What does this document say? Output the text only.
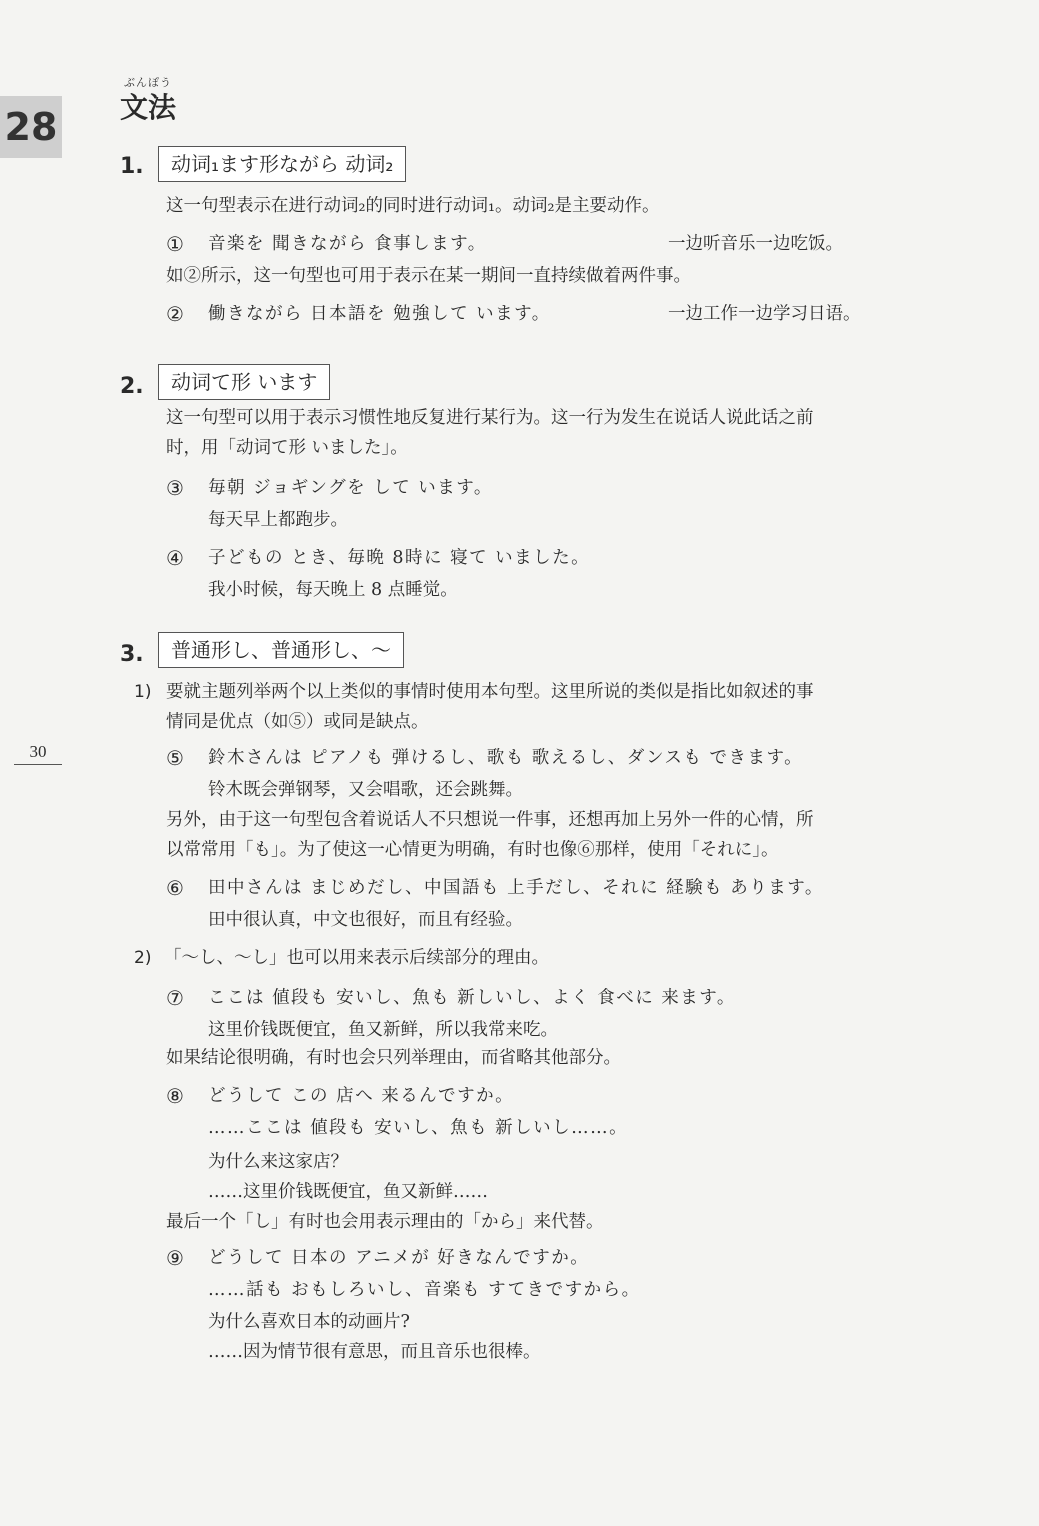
28
ぶんぽう
文法
30
1.	动词₁ます形ながら 动词₂
这一句型表示在进行动词₂的同时进行动词₁。动词₂是主要动作。
① 音楽を 聞きながら 食事します。	一边听音乐一边吃饭。
如②所示，这一句型也可用于表示在某一期间一直持续做着两件事。
② 働きながら 日本語を 勉強して います。	一边工作一边学习日语。
2.	动词て形 います
这一句型可以用于表示习惯性地反复进行某行为。这一行为发生在说话人说此话之前
时，用「动词て形 いました」。
③ 毎朝 ジョギングを して います。
每天早上都跑步。
④ 子どもの とき、毎晩 8時に 寝て いました。
我小时候，每天晚上 8 点睡觉。
3.	普通形し、普通形し、～
1) 要就主题列举两个以上类似的事情时使用本句型。这里所说的类似是指比如叙述的事
情同是优点（如⑤）或同是缺点。
⑤ 鈴木さんは ピアノも 弾けるし、歌も 歌えるし、ダンスも できます。
铃木既会弹钢琴，又会唱歌，还会跳舞。
另外，由于这一句型包含着说话人不只想说一件事，还想再加上另外一件的心情，所
以常常用「も」。为了使这一心情更为明确，有时也像⑥那样，使用「それに」。
⑥ 田中さんは まじめだし、中国語も 上手だし、それに 経験も あります。
田中很认真，中文也很好，而且有经验。
2) 「～し、～し」也可以用来表示后续部分的理由。
⑦ ここは 値段も 安いし、魚も 新しいし、よく 食べに 来ます。
这里价钱既便宜，鱼又新鲜，所以我常来吃。
如果结论很明确，有时也会只列举理由，而省略其他部分。
⑧ どうして この 店へ 来るんですか。
……ここは 値段も 安いし、魚も 新しいし……。
为什么来这家店？
……这里价钱既便宜，鱼又新鲜……
最后一个「し」有时也会用表示理由的「から」来代替。
⑨ どうして 日本の アニメが 好きなんですか。
……話も おもしろいし、音楽も すてきですから。
为什么喜欢日本的动画片?
……因为情节很有意思，而且音乐也很棒。
